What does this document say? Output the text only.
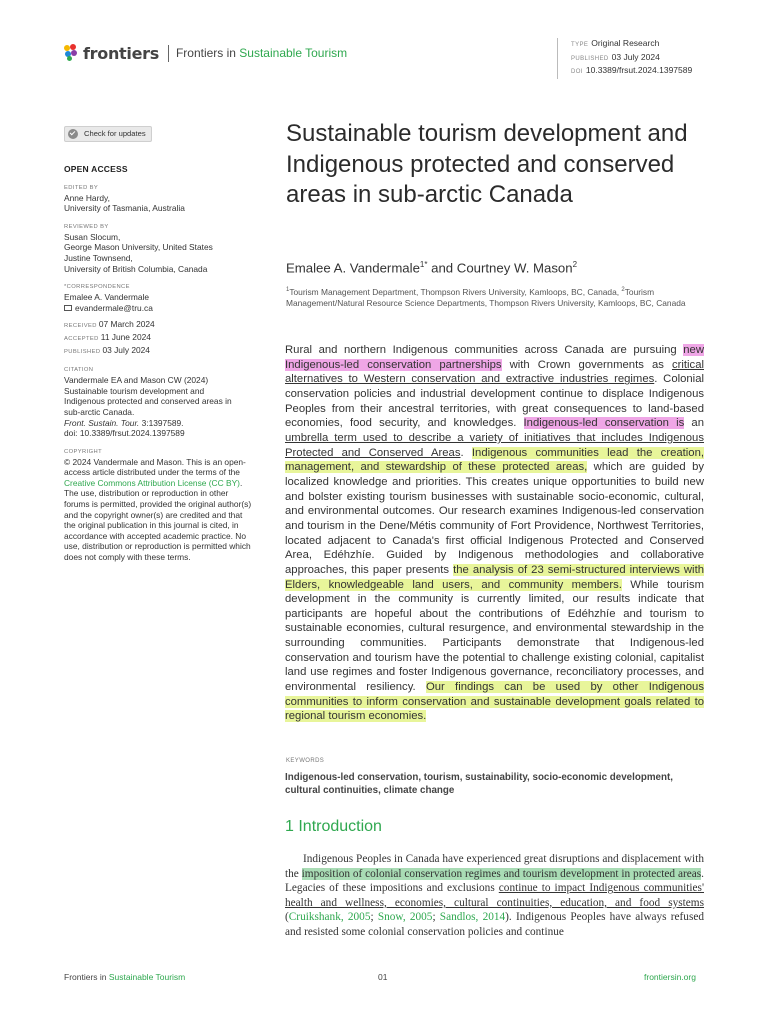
frontiers Frontiers in Sustainable Tourism
TYPE Original Research
PUBLISHED 03 July 2024
DOI 10.3389/frsut.2024.1397589
Check for updates
OPEN ACCESS
EDITED BY
Anne Hardy,
University of Tasmania, Australia
REVIEWED BY
Susan Slocum,
George Mason University, United States
Justine Townsend,
University of British Columbia, Canada
*CORRESPONDENCE
Emalee A. Vandermale
evandermale@tru.ca
RECEIVED 07 March 2024
ACCEPTED 11 June 2024
PUBLISHED 03 July 2024
CITATION
Vandermale EA and Mason CW (2024)
Sustainable tourism development and
Indigenous protected and conserved areas in
sub-arctic Canada.
Front. Sustain. Tour. 3:1397589.
doi: 10.3389/frsut.2024.1397589
COPYRIGHT
© 2024 Vandermale and Mason. This is an open-access article distributed under the terms of the Creative Commons Attribution License (CC BY). The use, distribution or reproduction in other forums is permitted, provided the original author(s) and the copyright owner(s) are credited and that the original publication in this journal is cited, in accordance with accepted academic practice. No use, distribution or reproduction is permitted which does not comply with these terms.
Sustainable tourism development and Indigenous protected and conserved areas in sub-arctic Canada
Emalee A. Vandermale$^{1*}$ and Courtney W. Mason$^2$
$^1$Tourism Management Department, Thompson Rivers University, Kamloops, BC, Canada, $^2$Tourism Management/Natural Resource Science Departments, Thompson Rivers University, Kamloops, BC, Canada
Rural and northern Indigenous communities across Canada are pursuing new Indigenous-led conservation partnerships with Crown governments as critical alternatives to Western conservation and extractive industries regimes. Colonial conservation policies and industrial development continue to displace Indigenous Peoples from their ancestral territories, with great consequences to land-based economies, food security, and knowledges. Indigenous-led conservation is an umbrella term used to describe a variety of initiatives that includes Indigenous Protected and Conserved Areas. Indigenous communities lead the creation, management, and stewardship of these protected areas, which are guided by localized knowledge and priorities. This creates unique opportunities to build new and bolster existing tourism businesses with sustainable socio-economic, cultural, and environmental outcomes. Our research examines Indigenous-led conservation and tourism in the Dene/Métis community of Fort Providence, Northwest Territories, located adjacent to Canada's first official Indigenous Protected and Conserved Area, Edéhzhíe. Guided by Indigenous methodologies and collaborative approaches, this paper presents the analysis of 23 semi-structured interviews with Elders, knowledgeable land users, and community members. While tourism development in the community is currently limited, our results indicate that participants are hopeful about the contributions of Edéhzhíe and tourism to sustainable economies, cultural resurgence, and environmental stewardship in the surrounding communities. Participants demonstrate that Indigenous-led conservation and tourism have the potential to challenge existing colonial, capitalist land use regimes and foster Indigenous governance, reconciliatory processes, and environmental resiliency. Our findings can be used by other Indigenous communities to inform conservation and sustainable development goals related to regional tourism economies.
KEYWORDS
Indigenous-led conservation, tourism, sustainability, socio-economic development, cultural continuities, climate change
1 Introduction
Indigenous Peoples in Canada have experienced great disruptions and displacement with the imposition of colonial conservation regimes and tourism development in protected areas. Legacies of these impositions and exclusions continue to impact Indigenous communities' health and wellness, economies, cultural continuities, education, and food systems (Cruikshank, 2005; Snow, 2005; Sandlos, 2014). Indigenous Peoples have always refused and resisted some colonial conservation policies and continue
Frontiers in Sustainable Tourism	01	frontiersin.org
